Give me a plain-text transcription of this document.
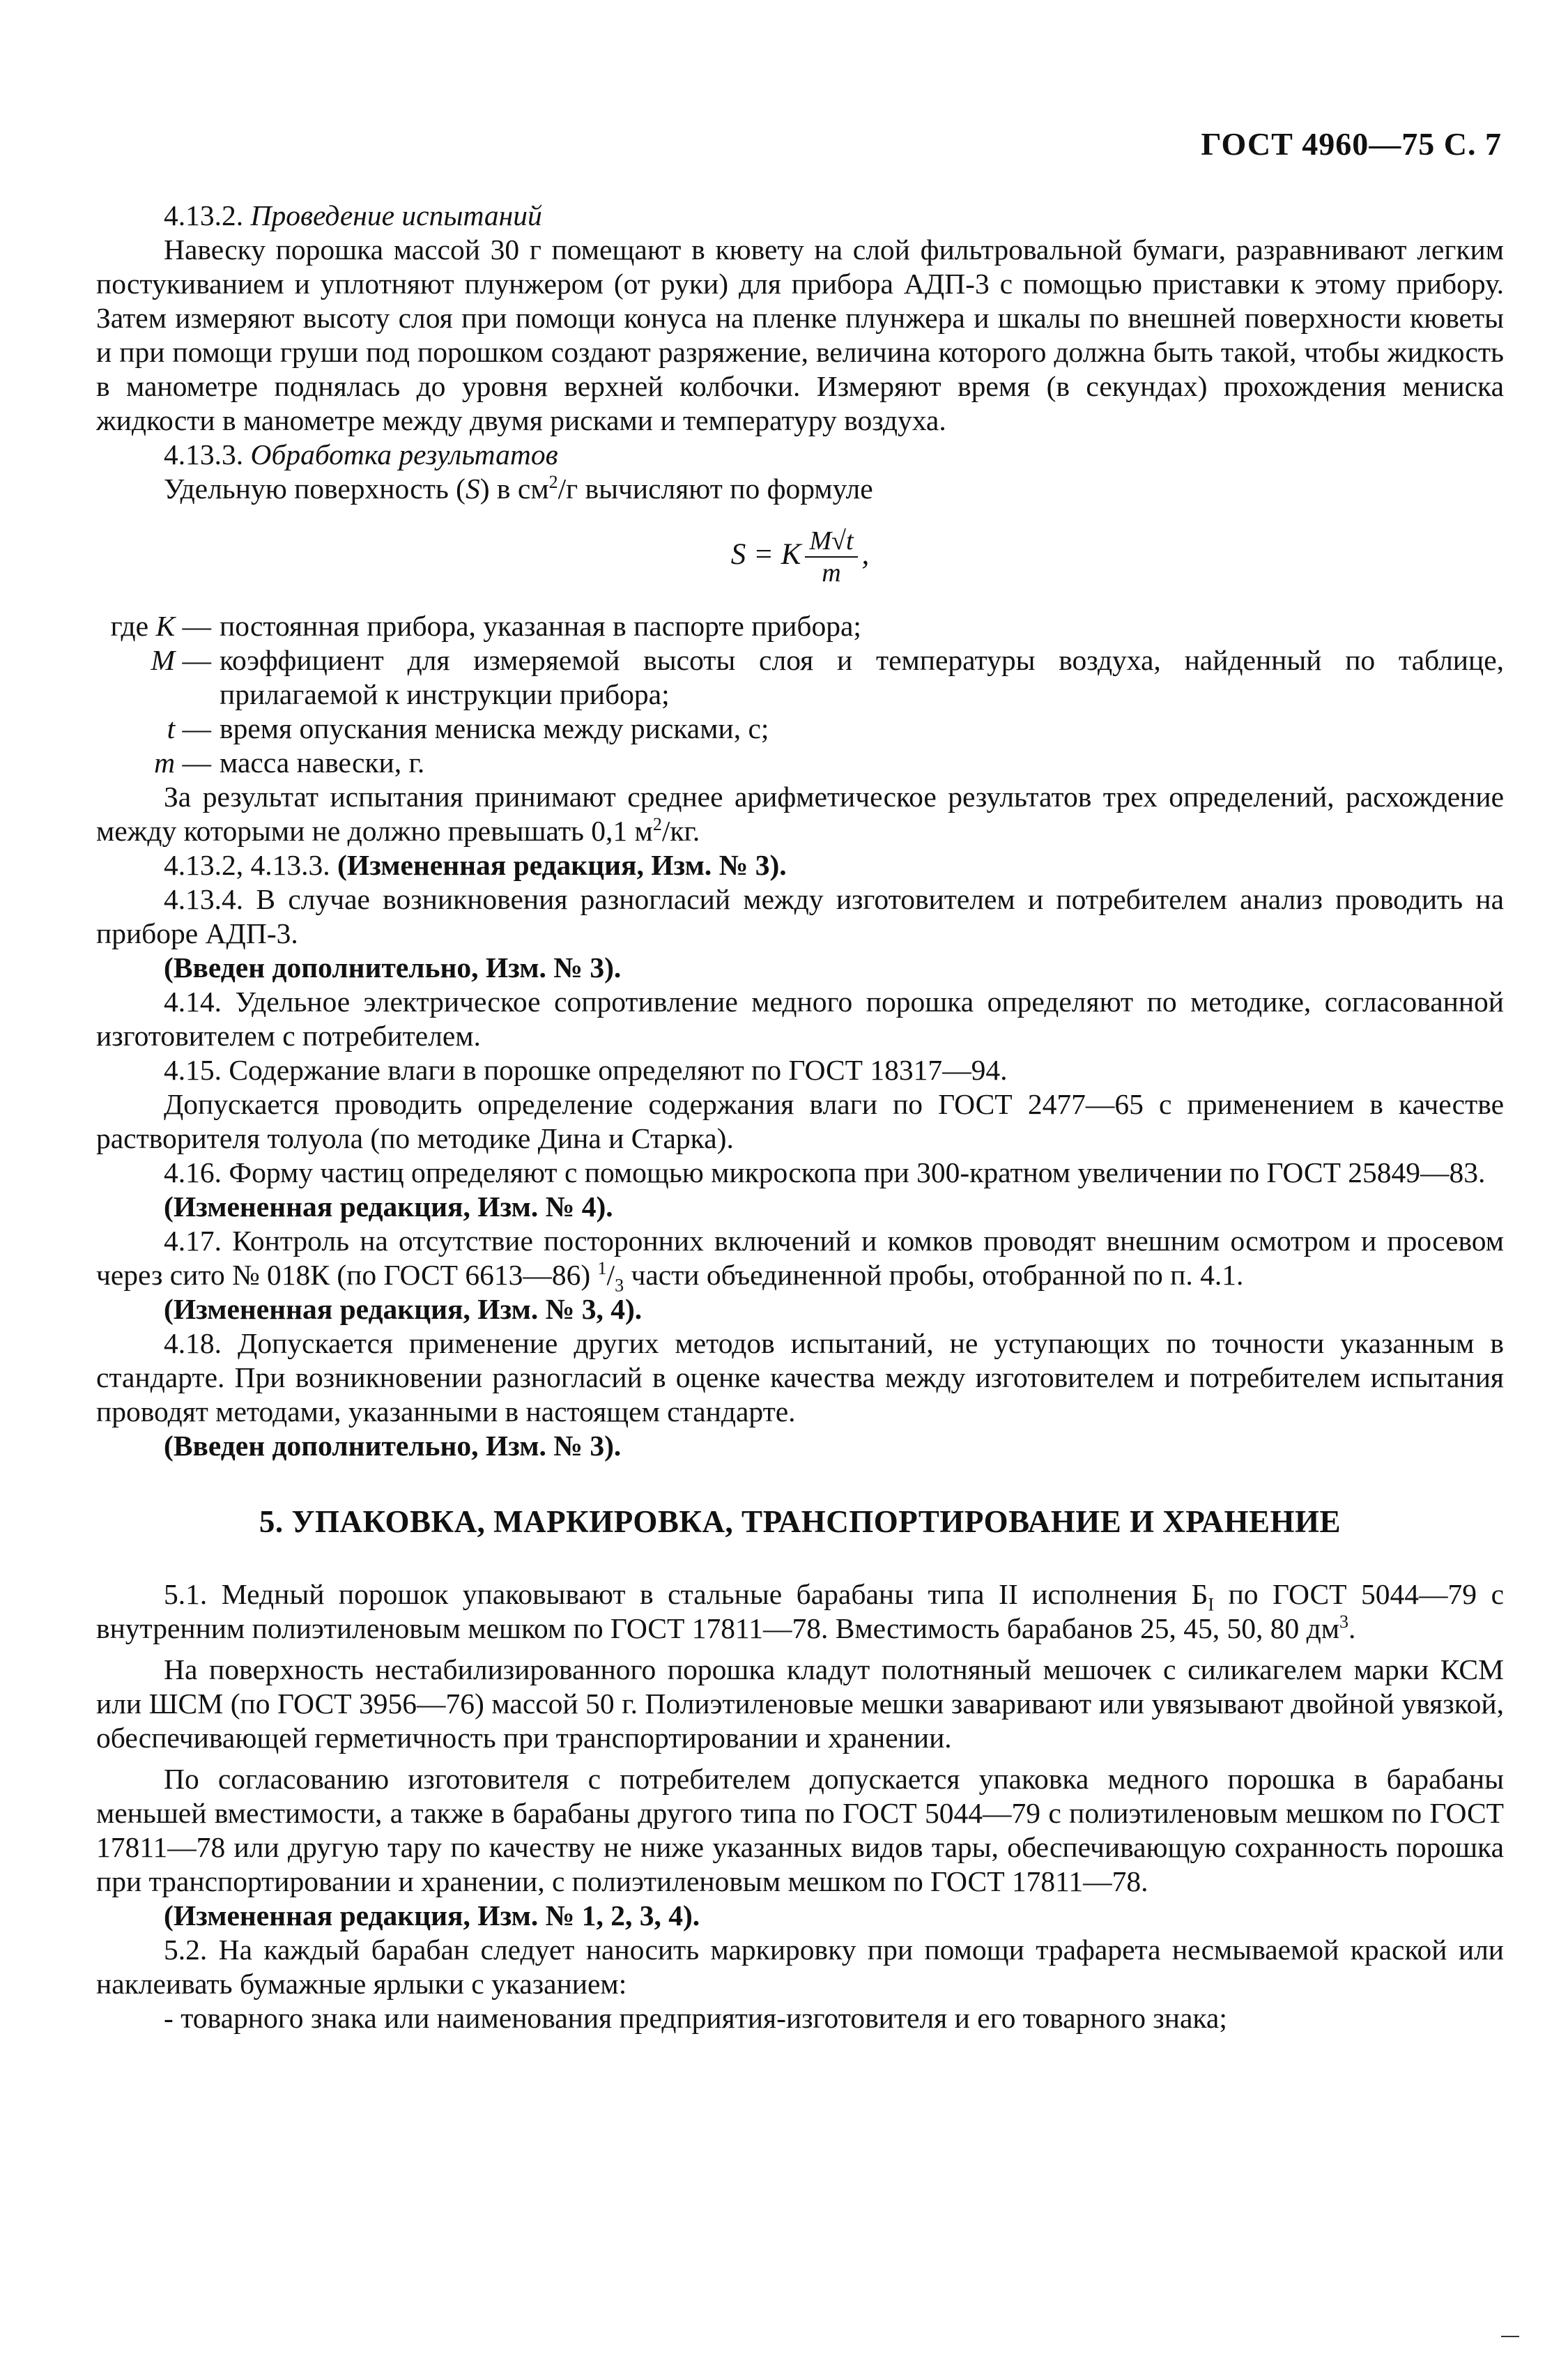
ГОСТ 4960—75 С. 7

4.13.2. Проведение испытаний

Навеску порошка массой 30 г помещают в кювету на слой фильтровальной бумаги, разравнивают легким постукиванием и уплотняют плунжером (от руки) для прибора АДП-3 с помощью приставки к этому прибору. Затем измеряют высоту слоя при помощи конуса на пленке плунжера и шкалы по внешней поверхности кюветы и при помощи груши под порошком создают разряжение, величина которого должна быть такой, чтобы жидкость в манометре поднялась до уровня верхней колбочки. Измеряют время (в секундах) прохождения мениска жидкости в манометре между двумя рисками и температуру воздуха.

4.13.3. Обработка результатов

Удельную поверхность (S) в $см^2/г$ вычисляют по формуле

S = K $\frac{M√t}{m}$ ,
где K — постоянная прибора, указанная в паспорте прибора;
M — коэффициент для измеряемой высоты слоя и температуры воздуха, найденный по таблице, прилагаемой к инструкции прибора;
t — время опускания мениска между рисками, с;
m — масса навески, г.

За результат испытания принимают среднее арифметическое результатов трех определений, расхождение между которыми не должно превышать 0,1 $м^2/кг$.

4.13.2, 4.13.3. (Измененная редакция, Изм. № 3).

4.13.4. В случае возникновения разногласий между изготовителем и потребителем анализ проводить на приборе АДП-3.

(Введен дополнительно, Изм. № 3).

4.14. Удельное электрическое сопротивление медного порошка определяют по методике, согласованной изготовителем с потребителем.

4.15. Содержание влаги в порошке определяют по ГОСТ 18317—94.

Допускается проводить определение содержания влаги по ГОСТ 2477—65 с применением в качестве растворителя толуола (по методике Дина и Старка).

4.16. Форму частиц определяют с помощью микроскопа при 300-кратном увеличении по ГОСТ 25849—83.

(Измененная редакция, Изм. № 4).

4.17. Контроль на отсутствие посторонних включений и комков проводят внешним осмотром и просевом через сито № 018К (по ГОСТ 6613—86) $^1/_3$ части объединенной пробы, отобранной по п. 4.1.

(Измененная редакция, Изм. № 3, 4).

4.18. Допускается применение других методов испытаний, не уступающих по точности указанным в стандарте. При возникновении разногласий в оценке качества между изготовителем и потребителем испытания проводят методами, указанными в настоящем стандарте.

(Введен дополнительно, Изм. № 3).

5. УПАКОВКА, МАРКИРОВКА, ТРАНСПОРТИРОВАНИЕ И ХРАНЕНИЕ

5.1. Медный порошок упаковывают в стальные барабаны типа II исполнения $Б_I$ по ГОСТ 5044—79 с внутренним полиэтиленовым мешком по ГОСТ 17811—78. Вместимость барабанов 25, 45, 50, 80 $дм^3$.

На поверхность нестабилизированного порошка кладут полотняный мешочек с силикагелем марки КСМ или ШСМ (по ГОСТ 3956—76) массой 50 г. Полиэтиленовые мешки заваривают или увязывают двойной увязкой, обеспечивающей герметичность при транспортировании и хранении.

По согласованию изготовителя с потребителем допускается упаковка медного порошка в барабаны меньшей вместимости, а также в барабаны другого типа по ГОСТ 5044—79 с полиэтиленовым мешком по ГОСТ 17811—78 или другую тару по качеству не ниже указанных видов тары, обеспечивающую сохранность порошка при транспортировании и хранении, с полиэтиленовым мешком по ГОСТ 17811—78.

(Измененная редакция, Изм. № 1, 2, 3, 4).

5.2. На каждый барабан следует наносить маркировку при помощи трафарета несмываемой краской или наклеивать бумажные ярлыки с указанием:

- товарного знака или наименования предприятия-изготовителя и его товарного знака;
